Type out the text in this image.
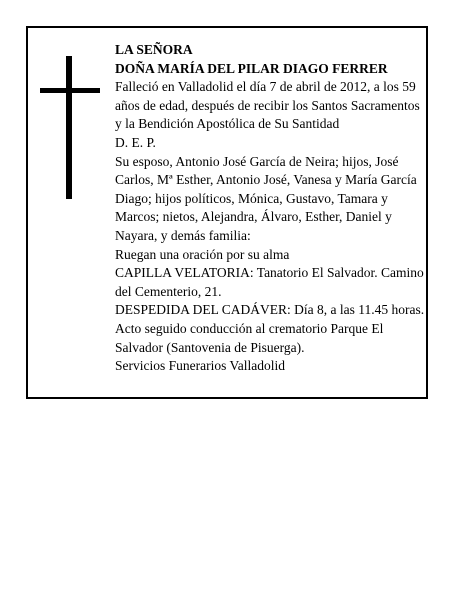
LA SEÑORA
DOÑA MARÍA DEL PILAR DIAGO FERRER
Falleció en Valladolid el día 7 de abril de 2012, a los 59 años de edad, después de recibir los Santos Sacramentos y la Bendición Apostólica de Su Santidad
D. E. P.
Su esposo, Antonio José García de Neira; hijos, José Carlos, Mª Esther, Antonio José, Vanesa y María García Diago; hijos políticos, Mónica, Gustavo, Tamara y Marcos; nietos, Alejandra, Álvaro, Esther, Daniel y Nayara, y demás familia:
Ruegan una oración por su alma
CAPILLA VELATORIA: Tanatorio El Salvador. Camino del Cementerio, 21.
DESPEDIDA DEL CADÁVER: Día 8, a las 11.45 horas. Acto seguido conducción al crematorio Parque El Salvador (Santovenia de Pisuerga).
Servicios Funerarios Valladolid
